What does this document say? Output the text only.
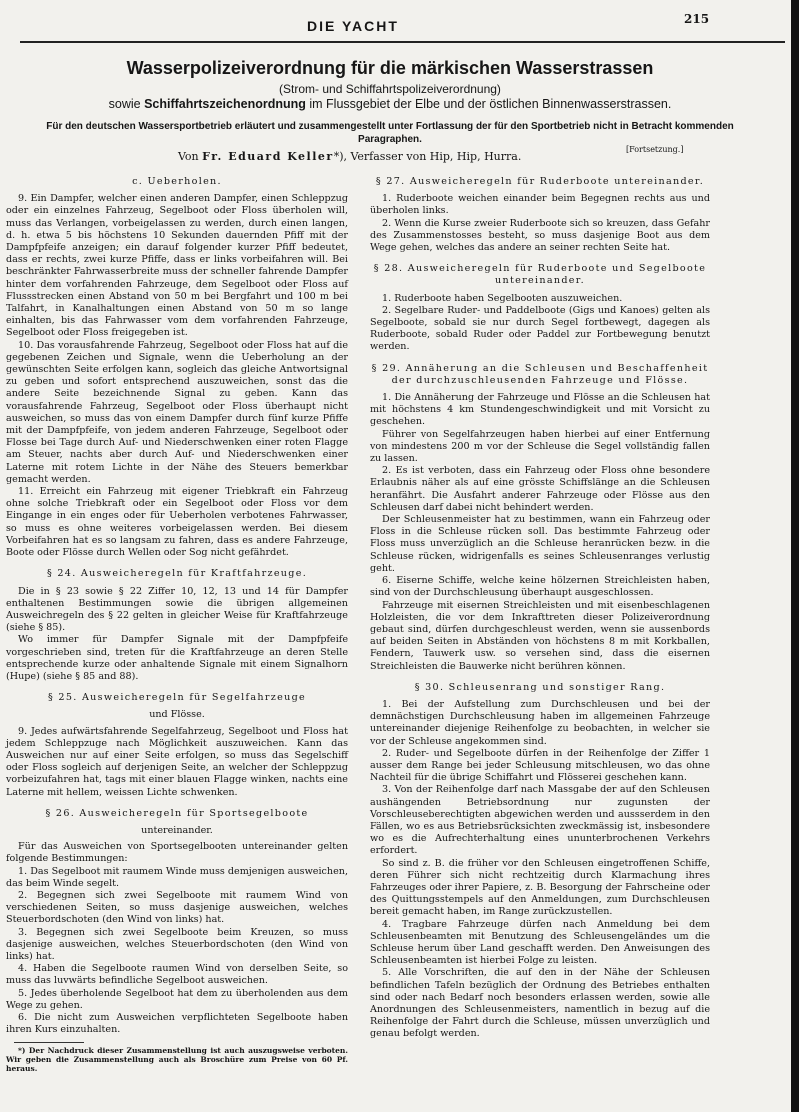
DIE YACHT	215
Wasserpolizeiverordnung für die märkischen Wasserstrassen
(Strom- und Schiffahrtspolizeiverordnung)
sowie Schiffahrtszeichenordnung im Flussgebiet der Elbe und der östlichen Binnenwasserstrassen.
Für den deutschen Wassersportbetrieb erläutert und zusammengestellt unter Fortlassung der für den Sportbetrieb nicht in Betracht kommenden Paragraphen.
Von Fr. Eduard Keller*), Verfasser von Hip, Hip, Hurra.
[Fortsetzung.]
c. Ueberholen.

9. Ein Dampfer, welcher einen anderen Dampfer, einen Schleppzug oder ein einzelnes Fahrzeug, Segelboot oder Floss überholen will, muss das Verlangen, vorbeigelassen zu werden, durch einen langen, d. h. etwa 5 bis höchstens 10 Sekunden dauernden Pfiff mit der Dampfpfeife anzeigen; ein darauf folgender kurzer Pfiff bedeutet, dass er rechts, zwei kurze Pfiffe, dass er links vorbeifahren will. Bei beschränkter Fahrwasserbreite muss der schneller fahrende Dampfer hinter dem vorfahrenden Fahrzeuge, dem Segelboot oder Floss auf Flussstrecken einen Abstand von 50 m bei Bergfahrt und 100 m bei Talfahrt, in Kanalhaltungen einen Abstand von 50 m so lange einhalten, bis das Fahrwasser vom dem vorfahrenden Fahrzeuge, Segelboot oder Floss freigegeben ist.

10. Das vorausfahrende Fahrzeug, Segelboot oder Floss hat auf die gegebenen Zeichen und Signale, wenn die Ueberholung an der gewünschten Seite erfolgen kann, sogleich das gleiche Antwortsignal zu geben und sofort entsprechend auszuweichen, sonst das die andere Seite bezeichnende Signal zu geben. Kann das vorausfahrende Fahrzeug, Segelboot oder Floss überhaupt nicht ausweichen, so muss das von einem Dampfer durch fünf kurze Pfiffe mit der Dampfpfeife, von jedem anderen Fahrzeuge, Segelboot oder Flosse bei Tage durch Auf- und Niederschwenken einer roten Flagge am Steuer, nachts aber durch Auf- und Niederschwenken einer Laterne mit rotem Lichte in der Nähe des Steuers bemerkbar gemacht werden.

11. Erreicht ein Fahrzeug mit eigener Triebkraft ein Fahrzeug ohne solche Triebkraft oder ein Segelboot oder Floss vor dem Eingange in ein enges oder für Ueberholen verbotenes Fahrwasser, so muss es ohne weiteres vorbeigelassen werden. Bei diesem Vorbeifahren hat es so langsam zu fahren, dass es andere Fahrzeuge, Boote oder Flösse durch Wellen oder Sog nicht gefährdet.

§ 24. Ausweicheregeln für Kraftfahrzeuge.

Die in § 23 sowie § 22 Ziffer 10, 12, 13 und 14 für Dampfer enthaltenen Bestimmungen sowie die übrigen allgemeinen Ausweichregeln des § 22 gelten in gleicher Weise für Kraftfahrzeuge (siehe § 85).

Wo immer für Dampfer Signale mit der Dampfpfeife vorgeschrieben sind, treten für die Kraftfahrzeuge an deren Stelle entsprechende kurze oder anhaltende Signale mit einem Signalhorn (Hupe) (siehe § 85 and 88).

§ 25. Ausweicheregeln für Segelfahrzeuge
und Flösse.

9. Jedes aufwärtsfahrende Segelfahrzeug, Segelboot und Floss hat jedem Schleppzuge nach Möglichkeit auszuweichen. Kann das Ausweichen nur auf einer Seite erfolgen, so muss das Segelschiff oder Floss sogleich auf derjenigen Seite, an welcher der Schleppzug vorbeizufahren hat, tags mit einer blauen Flagge winken, nachts eine Laterne mit hellem, weissen Lichte schwenken.

§ 26. Ausweicheregeln für Sportsegelboote
untereinander.

Für das Ausweichen von Sportsegelbooten untereinander gelten folgende Bestimmungen:

1. Das Segelboot mit raumem Winde muss demjenigen ausweichen, das beim Winde segelt.

2. Begegnen sich zwei Segelboote mit raumem Wind von verschiedenen Seiten, so muss dasjenige ausweichen, welches Steuerbordschoten (den Wind von links) hat.

3. Begegnen sich zwei Segelboote beim Kreuzen, so muss dasjenige ausweichen, welches Steuerbordschoten (den Wind von links) hat.

4. Haben die Segelboote raumen Wind von derselben Seite, so muss das luvwärts befindliche Segelboot ausweichen.

5. Jedes überholende Segelboot hat dem zu überholenden aus dem Wege zu gehen.

6. Die nicht zum Ausweichen verpflichteten Segelboote haben ihren Kurs einzuhalten.

*) Der Nachdruck dieser Zusammenstellung ist auch auszugsweise verboten. Wir geben die Zusammenstellung auch als Broschüre zum Preise von 60 Pf. heraus.

§ 27. Ausweicheregeln für Ruderboote untereinander.

1. Ruderboote weichen einander beim Begegnen rechts aus und überholen links.

2. Wenn die Kurse zweier Ruderboote sich so kreuzen, dass Gefahr des Zusammenstosses besteht, so muss dasjenige Boot aus dem Wege gehen, welches das andere an seiner rechten Seite hat.

§ 28. Ausweicheregeln für Ruderboote und Segelboote untereinander.

1. Ruderboote haben Segelbooten auszuweichen.

2. Segelbare Ruder- und Paddelboote (Gigs und Kanoes) gelten als Segelboote, sobald sie nur durch Segel fortbewegt, dagegen als Ruderboote, sobald Ruder oder Paddel zur Fortbewegung benutzt werden.

§ 29. Annäherung an die Schleusen und Beschaffenheit der durchzuschleusenden Fahrzeuge und Flösse.

1. Die Annäherung der Fahrzeuge und Flösse an die Schleusen hat mit höchstens 4 km Stundengeschwindigkeit und mit Vorsicht zu geschehen.

Führer von Segelfahrzeugen haben hierbei auf einer Entfernung von mindestens 200 m vor der Schleuse die Segel vollständig fallen zu lassen.

2. Es ist verboten, dass ein Fahrzeug oder Floss ohne besondere Erlaubnis näher als auf eine grösste Schiffslänge an die Schleusen heranfährt. Die Ausfahrt anderer Fahrzeuge oder Flösse aus den Schleusen darf dabei nicht behindert werden.

Der Schleusenmeister hat zu bestimmen, wann ein Fahrzeug oder Floss in die Schleuse rücken soll. Das bestimmte Fahrzeug oder Floss muss unverzüglich an die Schleuse heranrücken bezw. in die Schleuse rücken, widrigenfalls es seines Schleusenranges verlustig geht.

6. Eiserne Schiffe, welche keine hölzernen Streichleisten haben, sind von der Durchschleusung überhaupt ausgeschlossen.

Fahrzeuge mit eisernen Streichleisten und mit eisenbeschlagenen Holzleisten, die vor dem Inkrafttreten dieser Polizeiverordnung gebaut sind, dürfen durchgeschleust werden, wenn sie aussenbords auf beiden Seiten in Abständen von höchstens 8 m mit Korkballen, Fendern, Tauwerk usw. so versehen sind, dass die eisernen Streichleisten die Bauwerke nicht berühren können.

§ 30. Schleusenrang und sonstiger Rang.

1. Bei der Aufstellung zum Durchschleusen und bei der demnächstigen Durchschleusung haben im allgemeinen Fahrzeuge untereinander diejenige Reihenfolge zu beobachten, in welcher sie vor der Schleuse angekommen sind.

2. Ruder- und Segelboote dürfen in der Reihenfolge der Ziffer 1 ausser dem Range bei jeder Schleusung mitschleusen, wo das ohne Nachteil für die übrige Schiffahrt und Flösserei geschehen kann.

3. Von der Reihenfolge darf nach Massgabe der auf den Schleusen aushängenden Betriebsordnung nur zugunsten der Vorschleuseberechtigten abgewichen werden und aussserdem in den Fällen, wo es aus Betriebsrücksichten zweckmässig ist, insbesondere wo es die Aufrechterhaltung eines ununterbrochenen Verkehrs erfordert.

So sind z. B. die früher vor den Schleusen eingetroffenen Schiffe, deren Führer sich nicht rechtzeitig durch Klarmachung ihres Fahrzeuges oder ihrer Papiere, z. B. Besorgung der Fahrscheine oder des Quittungsstempels auf den Anmeldungen, zum Durchschleusen bereit gemacht haben, im Range zurückzustellen.

4. Tragbare Fahrzeuge dürfen nach Anmeldung bei dem Schleusenbeamten mit Benutzung des Schleusengeländes um die Schleuse herum über Land geschafft werden. Den Anweisungen des Schleusenbeamten ist hierbei Folge zu leisten.

5. Alle Vorschriften, die auf den in der Nähe der Schleusen befindlichen Tafeln bezüglich der Ordnung des Betriebes enthalten sind oder nach Bedarf noch besonders erlassen werden, sowie alle Anordnungen des Schleusenmeisters, namentlich in bezug auf die Reihenfolge der Fahrt durch die Schleuse, müssen unverzüglich und genau befolgt werden.
